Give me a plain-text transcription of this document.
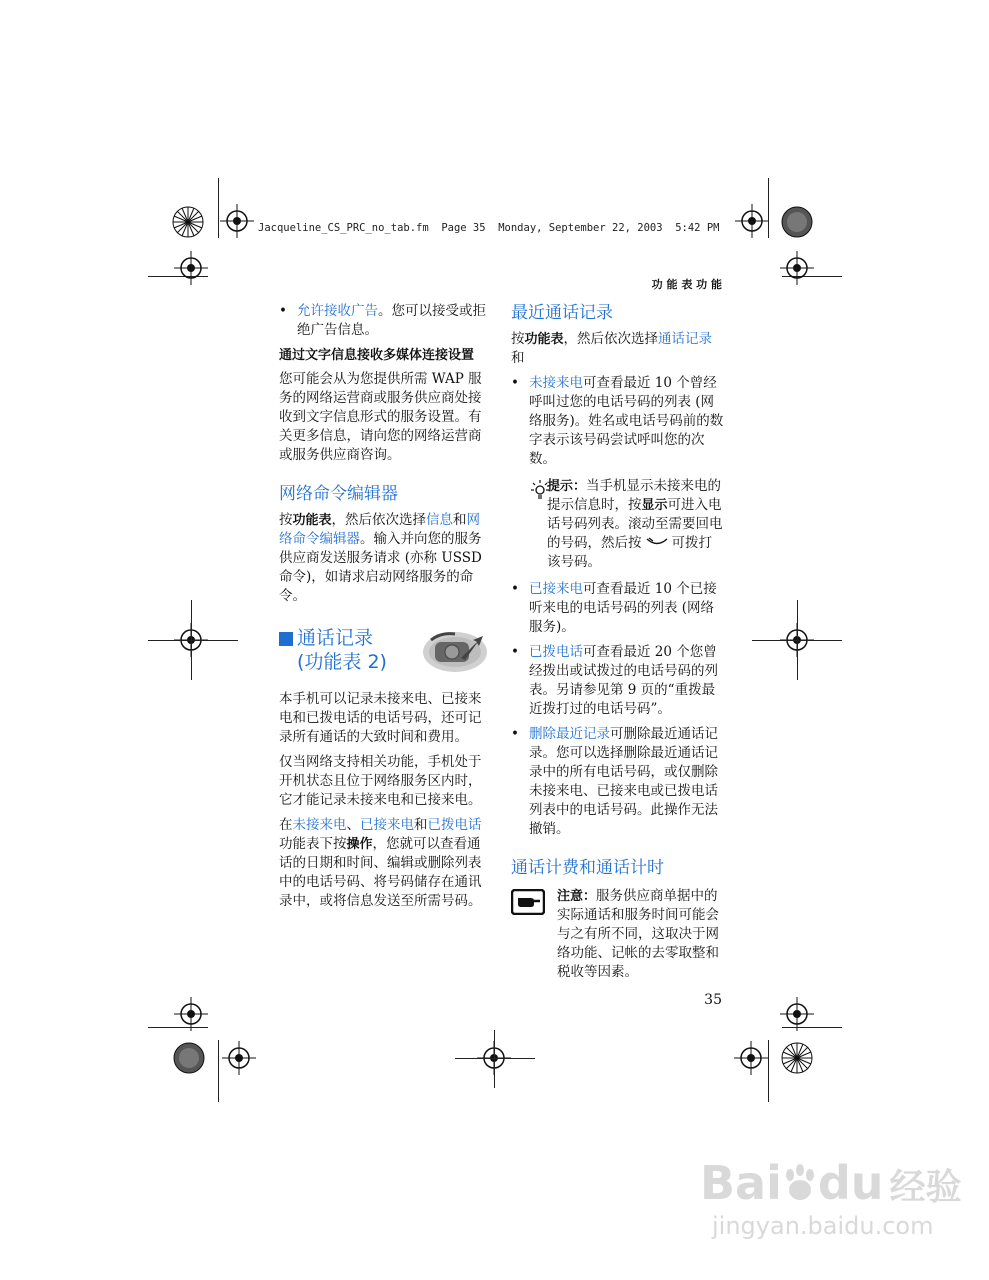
Jacqueline_CS_PRC_no_tab.fm  Page 35  Monday, September 22, 2003  5:42 PM
功 能 表 功 能
• 允许接收广告。您可以接受或拒绝广告信息。
通过文字信息接收多媒体连接设置

您可能会从为您提供所需 WAP 服务的网络运营商或服务供应商处接收到文字信息形式的服务设置。有关更多信息，请向您的网络运营商或服务供应商咨询。

网络命令编辑器

按功能表，然后依次选择信息和网络命令编辑器。输入并向您的服务供应商发送服务请求 (亦称 USSD 命令)，如请求启动网络服务的命令。

通话记录
(功能表 2)

本手机可以记录未接来电、已接来电和已拨电话的电话号码，还可记录所有通话的大致时间和费用。

仅当网络支持相关功能，手机处于开机状态且位于网络服务区内时，它才能记录未接来电和已接来电。

在未接来电、已接来电和已拨电话功能表下按操作，您就可以查看通话的日期和时间、编辑或删除列表中的电话号码、将号码储存在通讯录中，或将信息发送至所需号码。

最近通话记录

按功能表，然后依次选择通话记录和

• 未接来电可查看最近 10 个曾经呼叫过您的电话号码的列表 (网络服务)。姓名或电话号码前的数字表示该号码尝试呼叫您的次数。

提示：当手机显示未接来电的提示信息时，按显示可进入电话号码列表。滚动至需要回电的号码，然后按 可拨打该号码。

• 已接来电可查看最近 10 个已接听来电的电话号码的列表 (网络服务)。
• 已拨电话可查看最近 20 个您曾经拨出或试拨过的电话号码的列表。另请参见第 9 页的“重拨最近拨打过的电话号码”。
• 删除最近记录可删除最近通话记录。您可以选择删除最近通话记录中的所有电话号码，或仅删除未接来电、已接来电或已拨电话列表中的电话号码。此操作无法撤销。
通话计费和通话计时

注意：服务供应商单据中的实际通话和服务时间可能会与之有所不同，这取决于网络功能、记帐的去零取整和税收等因素。

35
Bai du 经验
jingyan.baidu.com
